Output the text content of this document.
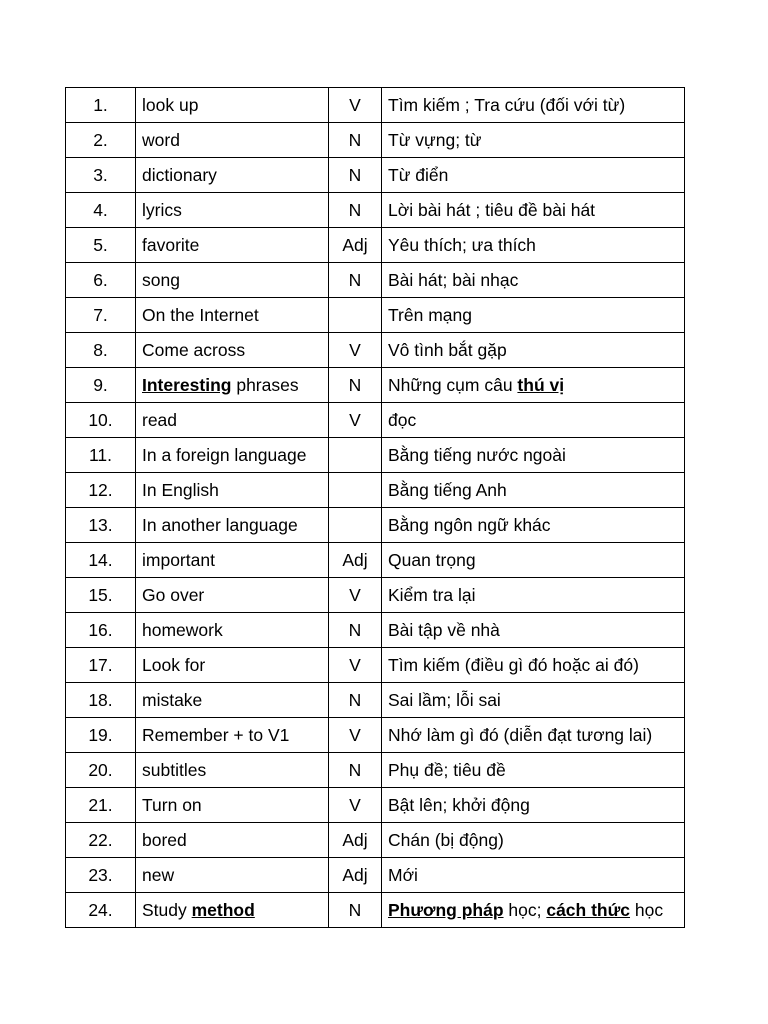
1.	look up	V	Tìm kiếm ; Tra cứu (đối với từ)
2.	word	N	Từ vựng; từ
3.	dictionary	N	Từ điển
4.	lyrics	N	Lời bài hát ; tiêu đề bài hát
5.	favorite	Adj	Yêu thích; ưa thích
6.	song	N	Bài hát; bài nhạc
7.	On the Internet		Trên mạng
8.	Come across	V	Vô tình bắt gặp
9.	Interesting phrases	N	Những cụm câu thú vị
10.	read	V	đọc
11.	In a foreign language		Bằng tiếng nước ngoài
12.	In English		Bằng tiếng Anh
13.	In another language		Bằng ngôn ngữ khác
14.	important	Adj	Quan trọng
15.	Go over	V	Kiểm tra lại
16.	homework	N	Bài tập về nhà
17.	Look for	V	Tìm kiếm (điều gì đó hoặc ai đó)
18.	mistake	N	Sai lầm; lỗi sai
19.	Remember + to V1	V	Nhớ làm gì đó (diễn đạt tương lai)
20.	subtitles	N	Phụ đề; tiêu đề
21.	Turn on	V	Bật lên; khởi động
22.	bored	Adj	Chán (bị động)
23.	new	Adj	Mới
24.	Study method	N	Phương pháp học; cách thức học
